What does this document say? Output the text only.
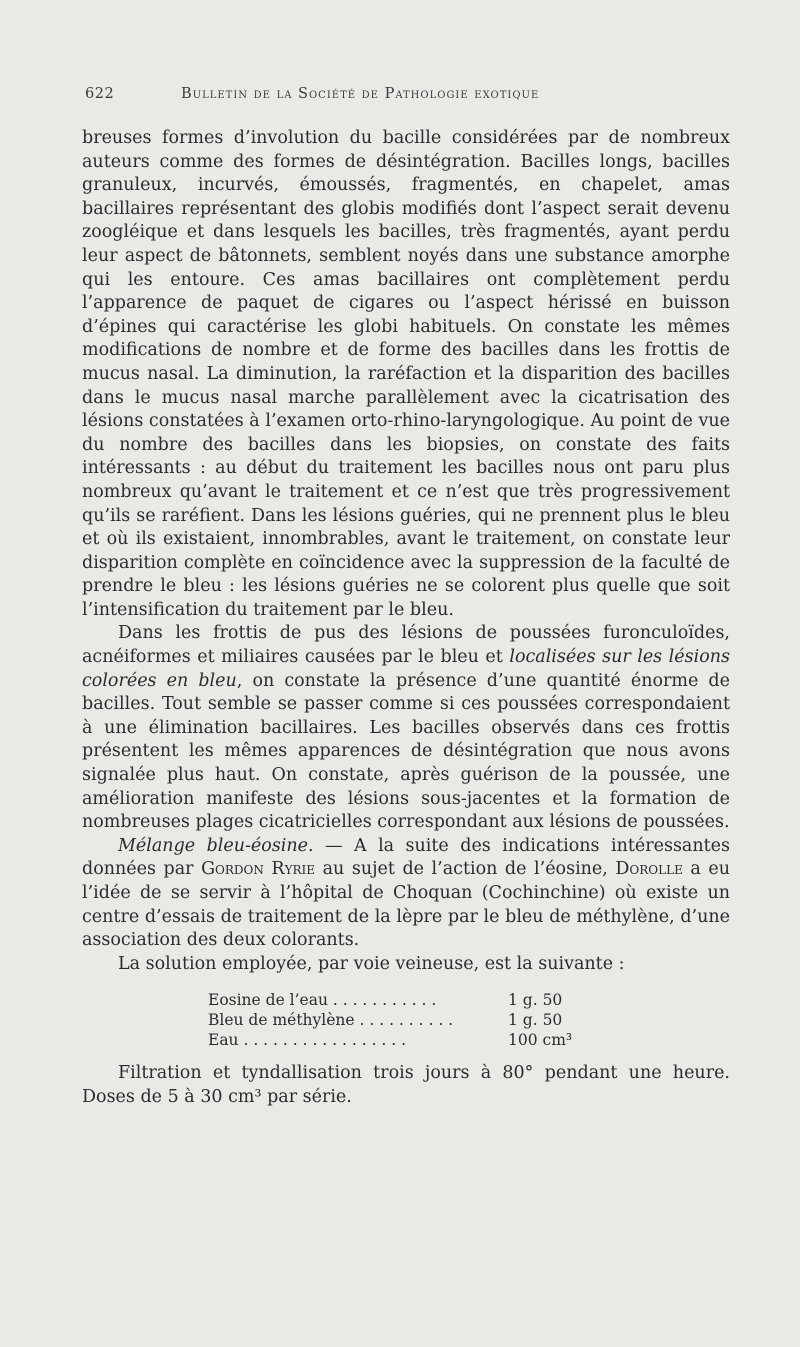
622	Bulletin de la Société de Pathologie exotique

breuses formes d’involution du bacille considérées par de nombreux auteurs comme des formes de désintégration. Bacilles longs, bacilles granuleux, incurvés, émoussés, fragmentés, en chapelet, amas bacillaires représentant des globis modifiés dont l’aspect serait devenu zoogléique et dans lesquels les bacilles, très fragmentés, ayant perdu leur aspect de bâtonnets, semblent noyés dans une substance amorphe qui les entoure. Ces amas bacillaires ont complètement perdu l’apparence de paquet de cigares ou l’aspect hérissé en buisson d’épines qui caractérise les globi habituels. On constate les mêmes modifications de nombre et de forme des bacilles dans les frottis de mucus nasal. La diminution, la raréfaction et la disparition des bacilles dans le mucus nasal marche parallèlement avec la cicatrisation des lésions constatées à l’examen orto-rhino-laryngologique. Au point de vue du nombre des bacilles dans les biopsies, on constate des faits intéressants : au début du traitement les bacilles nous ont paru plus nombreux qu’avant le traitement et ce n’est que très progressivement qu’ils se raréfient. Dans les lésions guéries, qui ne prennent plus le bleu et où ils existaient, innombrables, avant le traitement, on constate leur disparition complète en coïncidence avec la suppression de la faculté de prendre le bleu : les lésions guéries ne se colorent plus quelle que soit l’intensification du traitement par le bleu.

Dans les frottis de pus des lésions de poussées furonculoïdes, acnéiformes et miliaires causées par le bleu et localisées sur les lésions colorées en bleu, on constate la présence d’une quantité énorme de bacilles. Tout semble se passer comme si ces poussées correspondaient à une élimination bacillaires. Les bacilles observés dans ces frottis présentent les mêmes apparences de désintégration que nous avons signalée plus haut. On constate, après guérison de la poussée, une amélioration manifeste des lésions sous-jacentes et la formation de nombreuses plages cicatricielles correspondant aux lésions de poussées.

Mélange bleu-éosine. — A la suite des indications intéressantes données par Gordon Ryrie au sujet de l’action de l’éosine, Dorolle a eu l’idée de se servir à l’hôpital de Choquan (Cochinchine) où existe un centre d’essais de traitement de la lèpre par le bleu de méthylène, d’une association des deux colorants.

La solution employée, par voie veineuse, est la suivante :

Eosine de l’eau . . . . . . . . . . .	1 g. 50
Bleu de méthylène . . . . . . . . . .	1 g. 50
Eau . . . . . . . . . . . . . . . . .	100 cm³

Filtration et tyndallisation trois jours à 80° pendant une heure. Doses de 5 à 30 cm³ par série.
